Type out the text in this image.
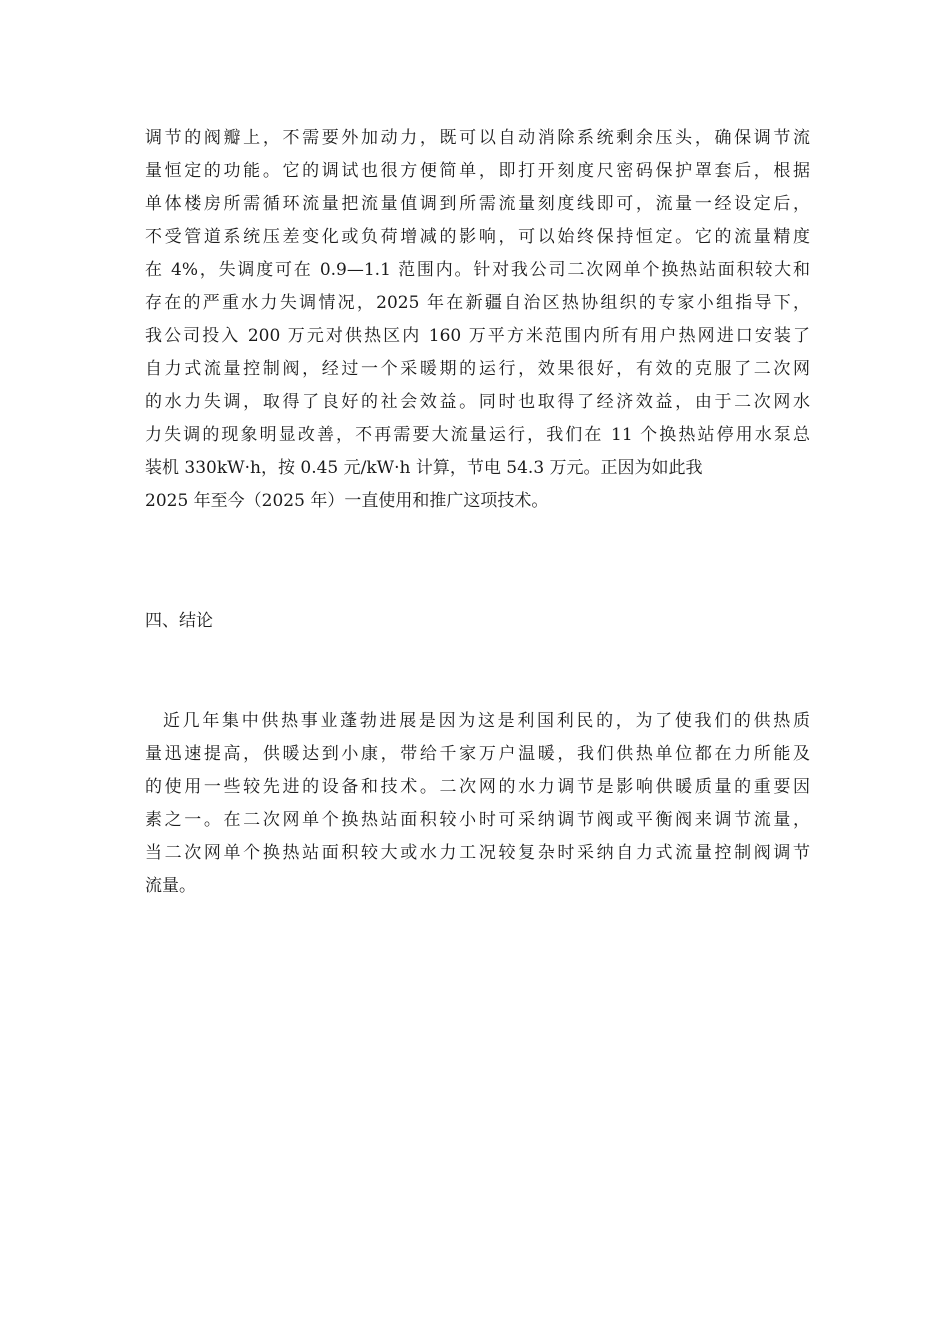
调节的阀瓣上，不需要外加动力，既可以自动消除系统剩余压头，确保调节流
量恒定的功能。它的调试也很方便简单，即打开刻度尺密码保护罩套后，根据
单体楼房所需循环流量把流量值调到所需流量刻度线即可，流量一经设定后，
不受管道系统压差变化或负荷增减的影响，可以始终保持恒定。它的流量精度
在 4%，失调度可在 0.9—1.1 范围内。针对我公司二次网单个换热站面积较大和
存在的严重水力失调情况，2025 年在新疆自治区热协组织的专家小组指导下，
我公司投入 200 万元对供热区内 160 万平方米范围内所有用户热网进口安装了
自力式流量控制阀，经过一个采暖期的运行，效果很好，有效的克服了二次网
的水力失调，取得了良好的社会效益。同时也取得了经济效益，由于二次网水
力失调的现象明显改善，不再需要大流量运行，我们在 11 个换热站停用水泵总
装机 330kW·h，按 0.45 元/kW·h 计算，节电 54.3 万元。正因为如此我
2025 年至今（2025 年）一直使用和推广这项技术。
四、结论
近几年集中供热事业蓬勃进展是因为这是利国利民的，为了使我们的供热质
量迅速提高，供暖达到小康，带给千家万户温暖，我们供热单位都在力所能及
的使用一些较先进的设备和技术。二次网的水力调节是影响供暖质量的重要因
素之一。在二次网单个换热站面积较小时可采纳调节阀或平衡阀来调节流量，
当二次网单个换热站面积较大或水力工况较复杂时采纳自力式流量控制阀调节
流量。
